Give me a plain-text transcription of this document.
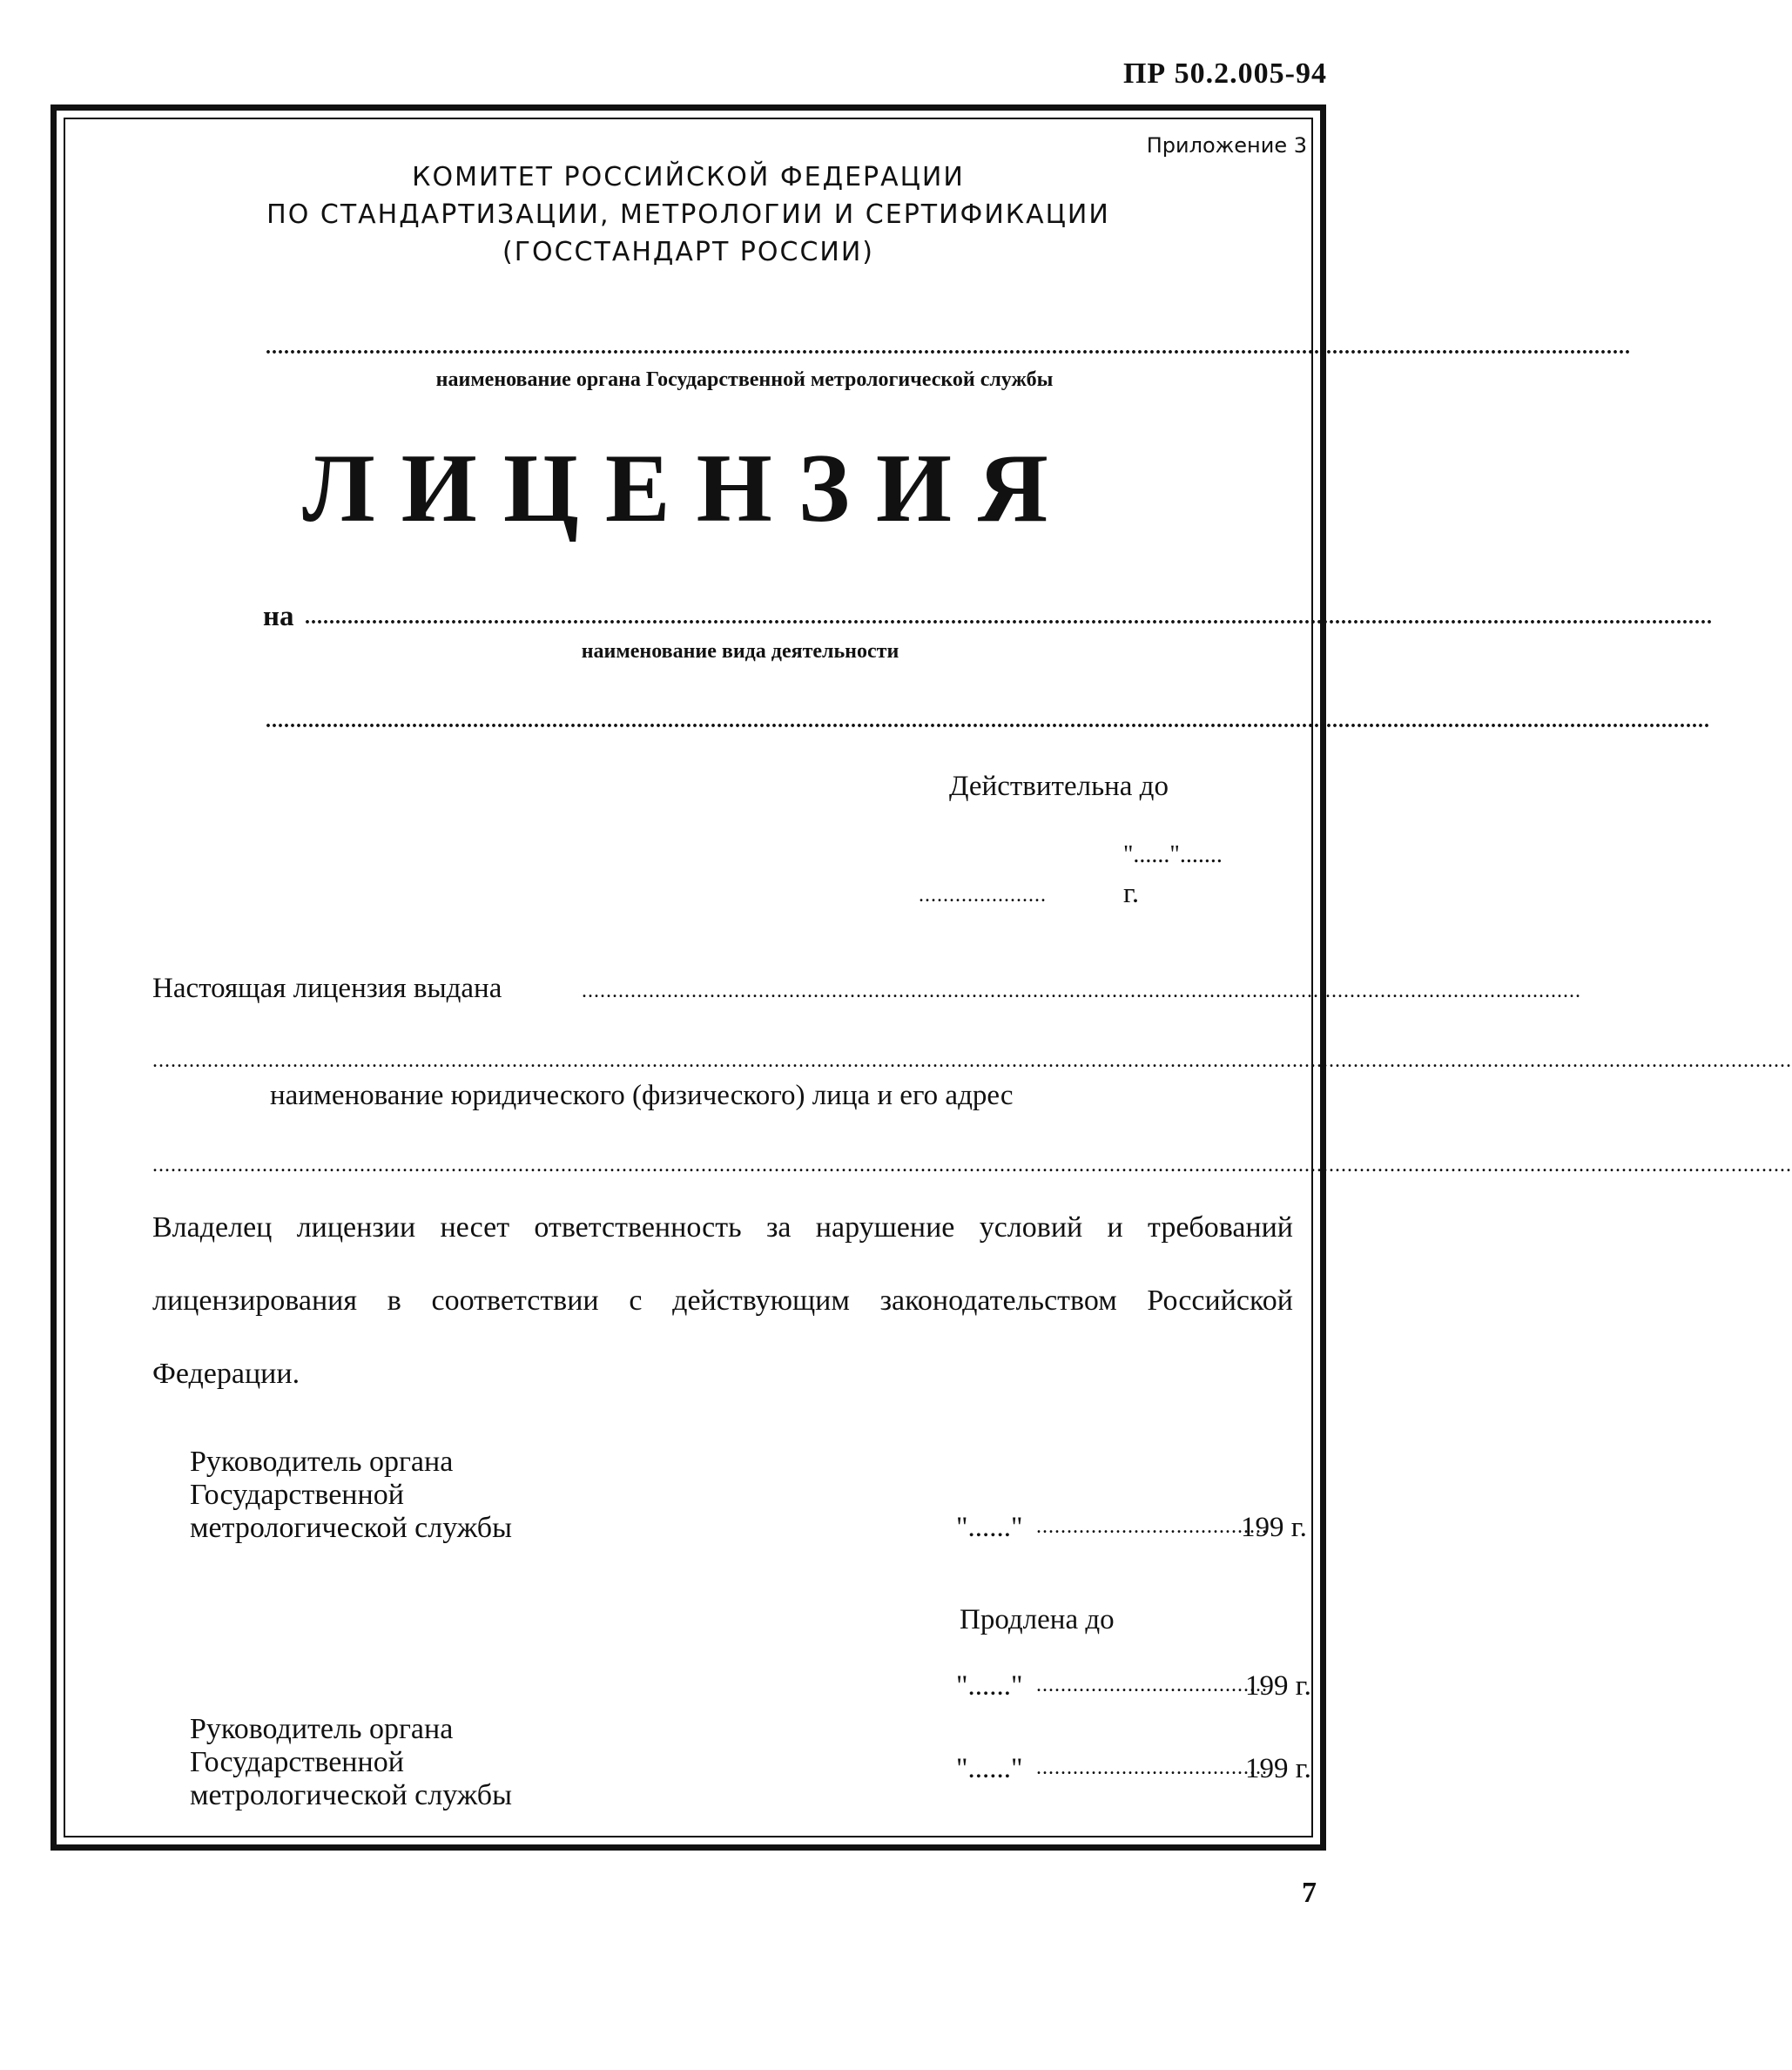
ПР 50.2.005-94
Приложение 3
КОМИТЕТ РОССИЙСКОЙ ФЕДЕРАЦИИ
ПО СТАНДАРТИЗАЦИИ, МЕТРОЛОГИИ И СЕРТИФИКАЦИИ
(ГОССТАНДАРТ РОССИИ)
................................................................................................................................................................................................................................
наименование органа Государственной метрологической службы
ЛИЦЕНЗИЯ
на .......................................................................................................................................................................................................................................
наименование вида деятельности
.............................................................................................................................................................................................................................................
Действительна до
"......".......
.....................	г.
Настоящая лицензия выдана	....................................................................................................................................................................
.............................................................................................................................................................................................................................................................................
наименование юридического (физического) лица и его адрес
.............................................................................................................................................................................................................................................................................
Владелец лицензии несет ответственность за нарушение условий и требований лицензирования в соответствии с действующим законодательством Российской Федерации.
Руководитель органа
Государственной
метрологической службы	"......" ......................................
199 г.
Продлена до
"......" ......................................
199 г.
Руководитель органа
Государственной
метрологической службы
"......" ......................................
199 г.
7
